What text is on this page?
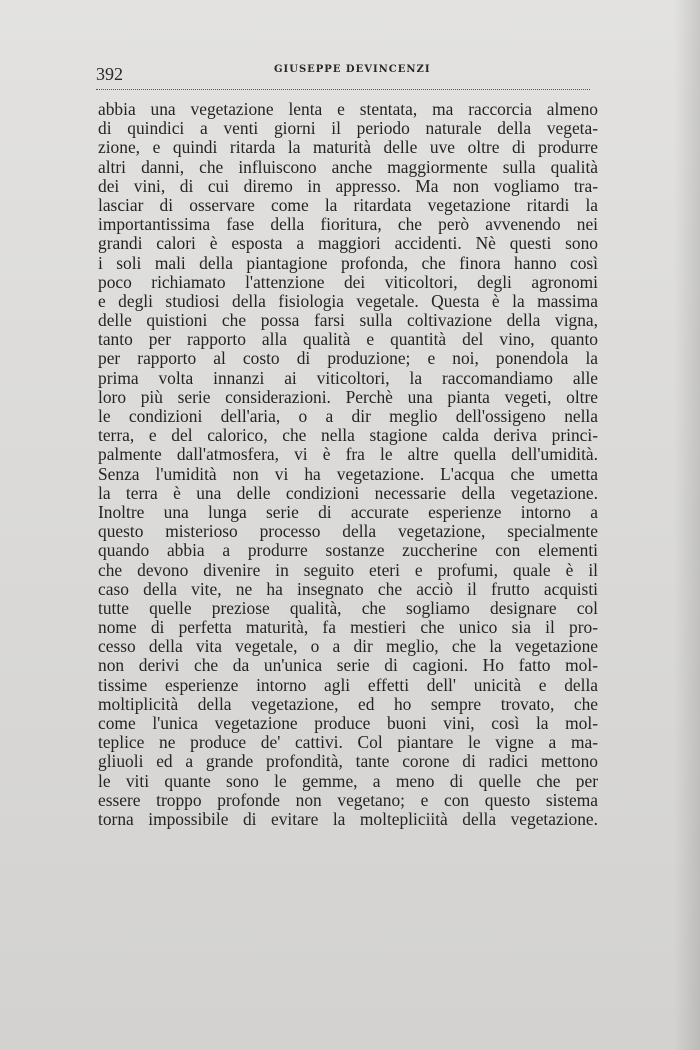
392	GIUSEPPE DEVINCENZI
abbia una vegetazione lenta e stentata, ma raccorcia almeno
di quindici a venti giorni il periodo naturale della vegeta-
zione, e quindi ritarda la maturità delle uve oltre di produrre
altri danni, che influiscono anche maggiormente sulla qualità
dei vini, di cui diremo in appresso. Ma non vogliamo tra-
lasciar di osservare come la ritardata vegetazione ritardi la
importantissima fase della fioritura, che però avvenendo nei
grandi calori è esposta a maggiori accidenti. Nè questi sono
i soli mali della piantagione profonda, che finora hanno così
poco richiamato l'attenzione dei viticoltori, degli agronomi
e degli studiosi della fisiologia vegetale. Questa è la massima
delle quistioni che possa farsi sulla coltivazione della vigna,
tanto per rapporto alla qualità e quantità del vino, quanto
per rapporto al costo di produzione; e noi, ponendola la
prima volta innanzi ai viticoltori, la raccomandiamo alle
loro più serie considerazioni. Perchè una pianta vegeti, oltre
le condizioni dell'aria, o a dir meglio dell'ossigeno nella
terra, e del calorico, che nella stagione calda deriva princi-
palmente dall'atmosfera, vi è fra le altre quella dell'umidità.
Senza l'umidità non vi ha vegetazione. L'acqua che umetta
la terra è una delle condizioni necessarie della vegetazione.
Inoltre una lunga serie di accurate esperienze intorno a
questo misterioso processo della vegetazione, specialmente
quando abbia a produrre sostanze zuccherine con elementi
che devono divenire in seguito eteri e profumi, quale è il
caso della vite, ne ha insegnato che acciò il frutto acquisti
tutte quelle preziose qualità, che sogliamo designare col
nome di perfetta maturità, fa mestieri che unico sia il pro-
cesso della vita vegetale, o a dir meglio, che la vegetazione
non derivi che da un'unica serie di cagioni. Ho fatto mol-
tissime esperienze intorno agli effetti dell' unicità e della
moltiplicità della vegetazione, ed ho sempre trovato, che
come l'unica vegetazione produce buoni vini, così la mol-
teplice ne produce de' cattivi. Col piantare le vigne a ma-
gliuoli ed a grande profondità, tante corone di radici mettono
le viti quante sono le gemme, a meno di quelle che per
essere troppo profonde non vegetano; e con questo sistema
torna impossibile di evitare la moltepliciità della vegetazione.
